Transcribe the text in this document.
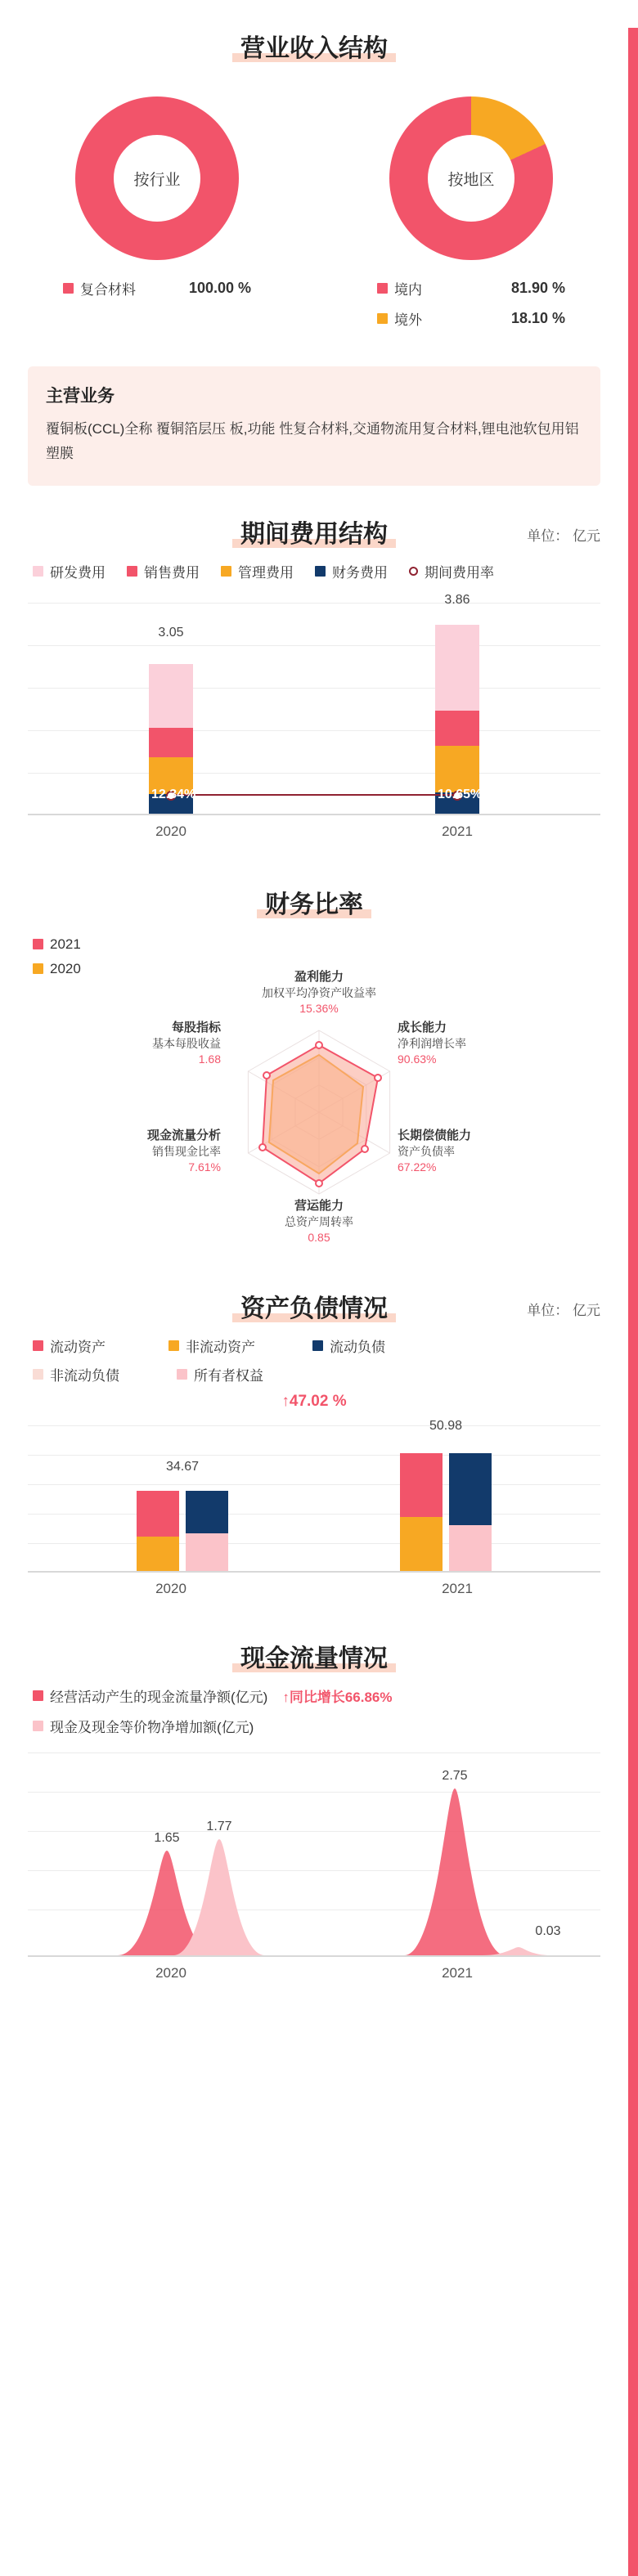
营业收入结构
按行业	按地区
复合材料	100.00 %	境内	81.90 %
境外	18.10 %
主营业务
覆铜板(CCL)全称 覆铜箔层压 板,功能 性复合材料,交通物流用复合材料,锂电池软包用铝塑膜
期间费用结构	单位： 亿元
研发费用	销售费用	管理费用	财务费用	期间费用率
3.05
3.86
12.34%	10.65%
2020	2021
财务比率
2021
2020
盈利能力
加权平均净资产收益率
15.36%
成长能力
净利润增长率
90.63%
长期偿债能力
资产负债率
67.22%
营运能力
总资产周转率
0.85
现金流量分析
销售现金比率
7.61%
每股指标
基本每股收益
1.68
资产负债情况	单位： 亿元
流动资产	非流动资产	流动负债
非流动负债	所有者权益
↑47.02 %
34.67
50.98
2020	2021
现金流量情况
经营活动产生的现金流量净额(亿元) ↑同比增长66.86%
现金及现金等价物净增加额(亿元)
1.65
1.77
2.75
0.03
2020	2021
